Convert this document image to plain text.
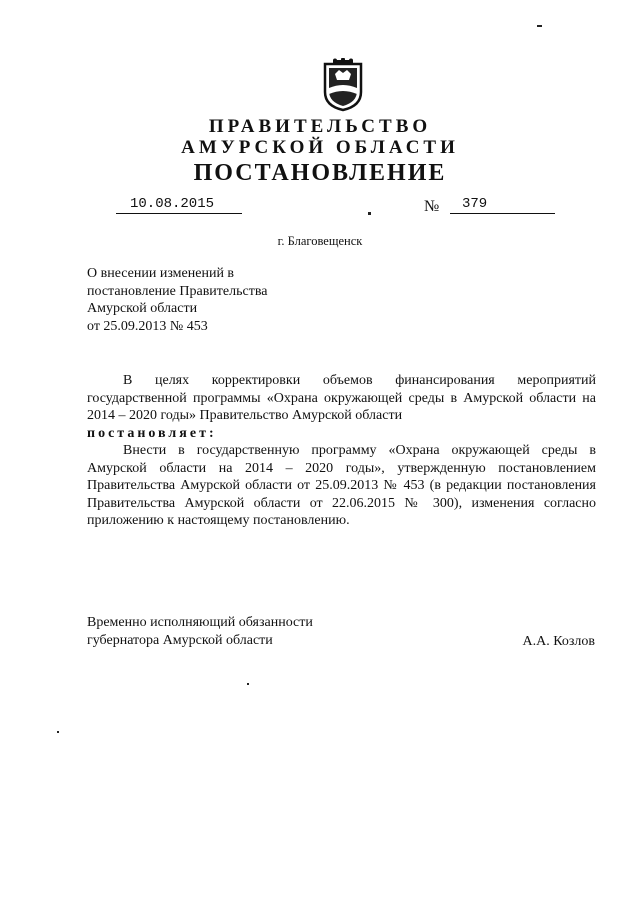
ПРАВИТЕЛЬСТВО
АМУРСКОЙ ОБЛАСТИ
ПОСТАНОВЛЕНИЕ
10.08.2015	№	379
г. Благовещенск
О внесении изменений в
постановление Правительства
Амурской области
от 25.09.2013 № 453
В целях корректировки объемов финансирования мероприятий государственной программы «Охрана окружающей среды в Амурской области на 2014 – 2020 годы» Правительство Амурской области
постановляет:
Внести в государственную программу «Охрана окружающей среды в Амурской области на 2014 – 2020 годы», утвержденную постановлением Правительства Амурской области от 25.09.2013 № 453 (в редакции постановления Правительства Амурской области от 22.06.2015 № 300), изменения согласно приложению к настоящему постановлению.
Временно исполняющий обязанности
губернатора Амурской области	А.А. Козлов
